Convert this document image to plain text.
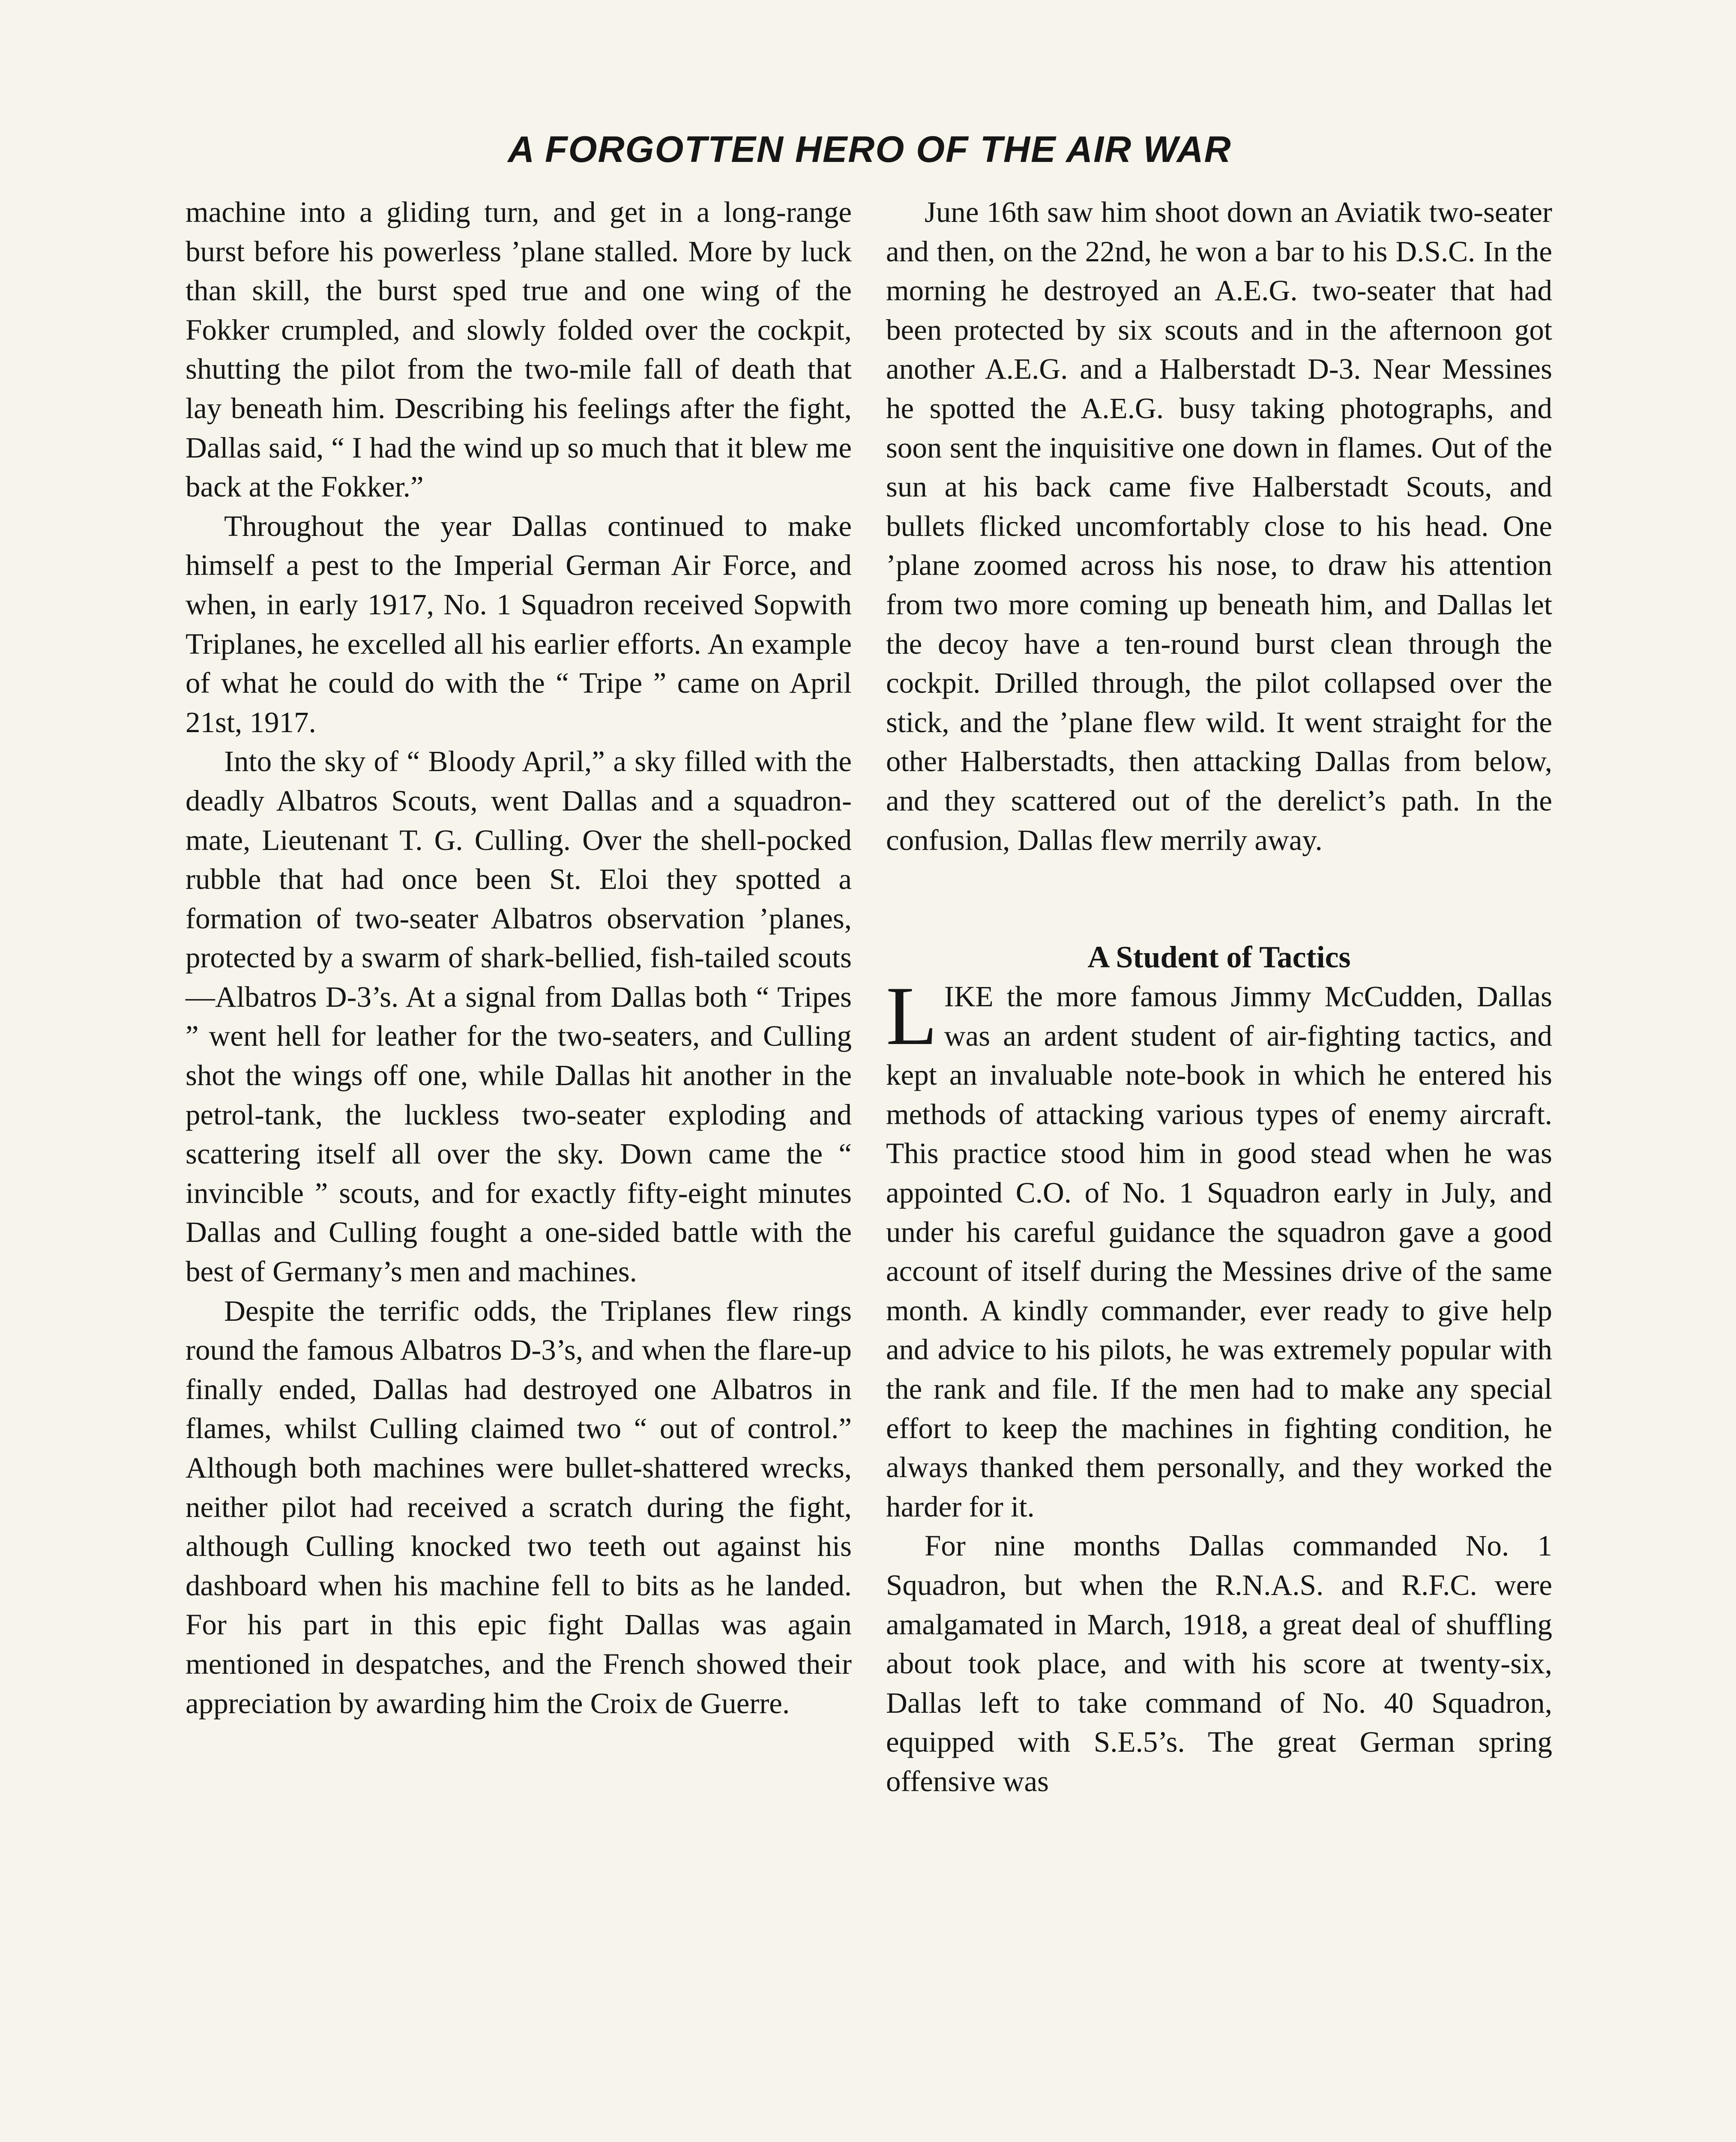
A FORGOTTEN HERO OF THE AIR WAR

machine into a gliding turn, and get in a long-range burst before his powerless ’plane stalled. More by luck than skill, the burst sped true and one wing of the Fokker crumpled, and slowly folded over the cockpit, shutting the pilot from the two-mile fall of death that lay beneath him. Describing his feelings after the fight, Dallas said, “ I had the wind up so much that it blew me back at the Fokker.”

Throughout the year Dallas continued to make himself a pest to the Imperial German Air Force, and when, in early 1917, No. 1 Squadron received Sopwith Triplanes, he excelled all his earlier efforts. An example of what he could do with the “ Tripe ” came on April 21st, 1917.

Into the sky of “ Bloody April,” a sky filled with the deadly Albatros Scouts, went Dallas and a squadron-mate, Lieutenant T. G. Culling. Over the shell-pocked rubble that had once been St. Eloi they spotted a formation of two-seater Albatros observation ’planes, protected by a swarm of shark-bellied, fish-tailed scouts—Albatros D-3’s. At a signal from Dallas both “ Tripes ” went hell for leather for the two-seaters, and Culling shot the wings off one, while Dallas hit another in the petrol-tank, the luckless two-seater exploding and scattering itself all over the sky. Down came the “ invincible ” scouts, and for exactly fifty-eight minutes Dallas and Culling fought a one-sided battle with the best of Germany’s men and machines.

Despite the terrific odds, the Triplanes flew rings round the famous Albatros D-3’s, and when the flare-up finally ended, Dallas had destroyed one Albatros in flames, whilst Culling claimed two “ out of control.” Although both machines were bullet-shattered wrecks, neither pilot had received a scratch during the fight, although Culling knocked two teeth out against his dashboard when his machine fell to bits as he landed. For his part in this epic fight Dallas was again mentioned in despatches, and the French showed their appreciation by awarding him the Croix de Guerre.

June 16th saw him shoot down an Aviatik two-seater and then, on the 22nd, he won a bar to his D.S.C. In the morning he destroyed an A.E.G. two-seater that had been protected by six scouts and in the afternoon got another A.E.G. and a Halberstadt D-3. Near Messines he spotted the A.E.G. busy taking photographs, and soon sent the inquisitive one down in flames. Out of the sun at his back came five Halberstadt Scouts, and bullets flicked uncomfortably close to his head. One ’plane zoomed across his nose, to draw his attention from two more coming up beneath him, and Dallas let the decoy have a ten-round burst clean through the cockpit. Drilled through, the pilot collapsed over the stick, and the ’plane flew wild. It went straight for the other Halberstadts, then attacking Dallas from below, and they scattered out of the derelict’s path. In the confusion, Dallas flew merrily away.

A Student of Tactics

LIKE the more famous Jimmy McCudden, Dallas was an ardent student of air-fighting tactics, and kept an invaluable note-book in which he entered his methods of attacking various types of enemy aircraft. This practice stood him in good stead when he was appointed C.O. of No. 1 Squadron early in July, and under his careful guidance the squadron gave a good account of itself during the Messines drive of the same month. A kindly commander, ever ready to give help and advice to his pilots, he was extremely popular with the rank and file. If the men had to make any special effort to keep the machines in fighting condition, he always thanked them personally, and they worked the harder for it.

For nine months Dallas commanded No. 1 Squadron, but when the R.N.A.S. and R.F.C. were amalgamated in March, 1918, a great deal of shuffling about took place, and with his score at twenty-six, Dallas left to take command of No. 40 Squadron, equipped with S.E.5’s. The great German spring offensive was
